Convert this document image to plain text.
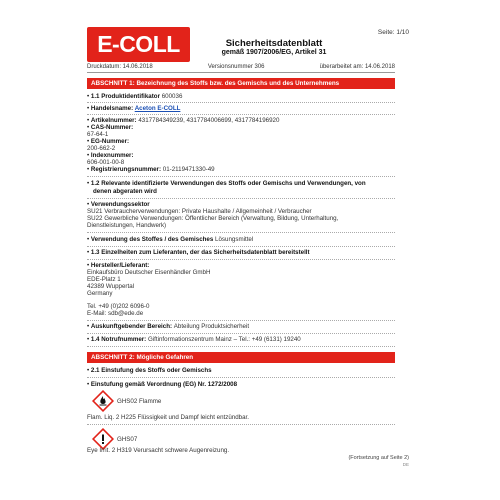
E-COLL	Seite: 1/10
Sicherheitsdatenblatt
gemäß 1907/2006/EG, Artikel 31
Druckdatum: 14.06.2018	Versionsnummer 306	überarbeitet am: 14.06.2018
ABSCHNITT 1: Bezeichnung des Stoffs bzw. des Gemischs und des Unternehmens
• 1.1 Produktidentifikator 600036
• Handelsname: Aceton E-COLL
• Artikelnummer: 4317784349239, 4317784006699, 4317784196920
• CAS-Nummer:
67-64-1
• EG-Nummer:
200-662-2
• Indexnummer:
606-001-00-8
• Registrierungsnummer: 01-2119471330-49
• 1.2 Relevante identifizierte Verwendungen des Stoffs oder Gemischs und Verwendungen, von
denen abgeraten wird
• Verwendungssektor
SU21 Verbraucherverwendungen: Private Haushalte / Allgemeinheit / Verbraucher
SU22 Gewerbliche Verwendungen: Öffentlicher Bereich (Verwaltung, Bildung, Unterhaltung,
Dienstleistungen, Handwerk)
• Verwendung des Stoffes / des Gemisches Lösungsmittel
• 1.3 Einzelheiten zum Lieferanten, der das Sicherheitsdatenblatt bereitstellt
• Hersteller/Lieferant:
Einkaufsbüro Deutscher Eisenhändler GmbH
EDE-Platz 1
42389 Wuppertal
Germany
Tel. +49 (0)202 6096-0
E-Mail: sdb@ede.de
• Auskunftgebender Bereich: Abteilung Produktsicherheit
• 1.4 Notrufnummer: Giftinformationszentrum Mainz – Tel.: +49 (6131) 19240
ABSCHNITT 2: Mögliche Gefahren
• 2.1 Einstufung des Stoffs oder Gemischs
• Einstufung gemäß Verordnung (EG) Nr. 1272/2008
GHS02 Flamme
Flam. Liq. 2 H225 Flüssigkeit und Dampf leicht entzündbar.
GHS07
Eye Irrit. 2 H319 Verursacht schwere Augenreizung.
(Fortsetzung auf Seite 2)
DE
